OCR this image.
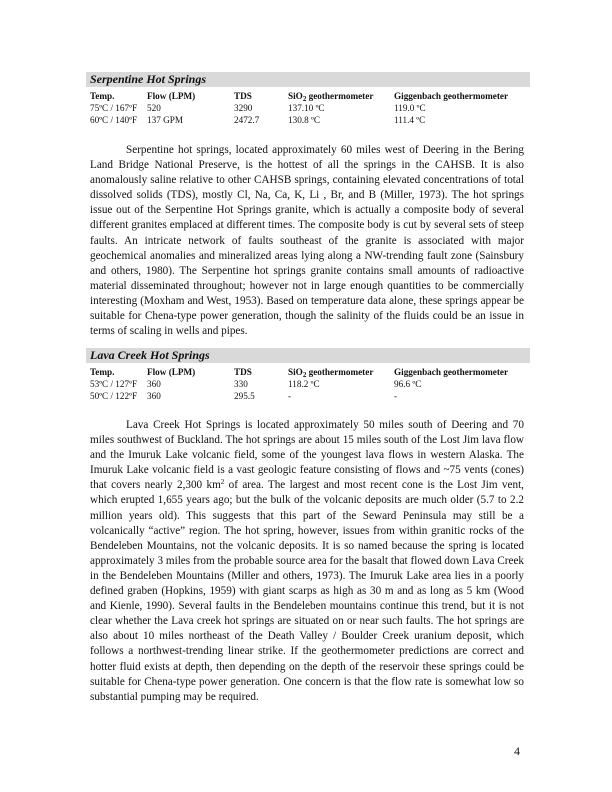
Serpentine Hot Springs
Temp.	Flow (LPM)	TDS	SiO$_2$ geothermometer	Giggenbach geothermometer
75ºC / 167ºF	520	3290	137.10 ºC	119.0 ºC
60ºC / 140ºF	137 GPM	2472.7	130.8 ºC	111.4 ºC

Serpentine hot springs, located approximately 60 miles west of Deering in the Bering Land Bridge National Preserve, is the hottest of all the springs in the CAHSB. It is also anomalously saline relative to other CAHSB springs, containing elevated concentrations of total dissolved solids (TDS), mostly Cl, Na, Ca, K, Li , Br, and B (Miller, 1973). The hot springs issue out of the Serpentine Hot Springs granite, which is actually a composite body of several different granites emplaced at different times. The composite body is cut by several sets of steep faults. An intricate network of faults southeast of the granite is associated with major geochemical anomalies and mineralized areas lying along a NW-trending fault zone (Sainsbury and others, 1980). The Serpentine hot springs granite contains small amounts of radioactive material disseminated throughout; however not in large enough quantities to be commercially interesting (Moxham and West, 1953). Based on temperature data alone, these springs appear be suitable for Chena-type power generation, though the salinity of the fluids could be an issue in terms of scaling in wells and pipes.

Lava Creek Hot Springs
Temp.	Flow (LPM)	TDS	SiO$_2$ geothermometer	Giggenbach geothermometer
53ºC / 127ºF	360	330	118.2 ºC	96.6 ºC
50ºC / 122ºF	360	295.5	-	-

Lava Creek Hot Springs is located approximately 50 miles south of Deering and 70 miles southwest of Buckland. The hot springs are about 15 miles south of the Lost Jim lava flow and the Imuruk Lake volcanic field, some of the youngest lava flows in western Alaska. The Imuruk Lake volcanic field is a vast geologic feature consisting of flows and ~75 vents (cones) that covers nearly 2,300 $km^2$ of area. The largest and most recent cone is the Lost Jim vent, which erupted 1,655 years ago; but the bulk of the volcanic deposits are much older (5.7 to 2.2 million years old). This suggests that this part of the Seward Peninsula may still be a volcanically “active” region. The hot spring, however, issues from within granitic rocks of the Bendeleben Mountains, not the volcanic deposits. It is so named because the spring is located approximately 3 miles from the probable source area for the basalt that flowed down Lava Creek in the Bendeleben Mountains (Miller and others, 1973). The Imuruk Lake area lies in a poorly defined graben (Hopkins, 1959) with giant scarps as high as 30 m and as long as 5 km (Wood and Kienle, 1990). Several faults in the Bendeleben mountains continue this trend, but it is not clear whether the Lava creek hot springs are situated on or near such faults. The hot springs are also about 10 miles northeast of the Death Valley / Boulder Creek uranium deposit, which follows a northwest-trending linear strike. If the geothermometer predictions are correct and hotter fluid exists at depth, then depending on the depth of the reservoir these springs could be suitable for Chena-type power generation. One concern is that the flow rate is somewhat low so substantial pumping may be required.

4
